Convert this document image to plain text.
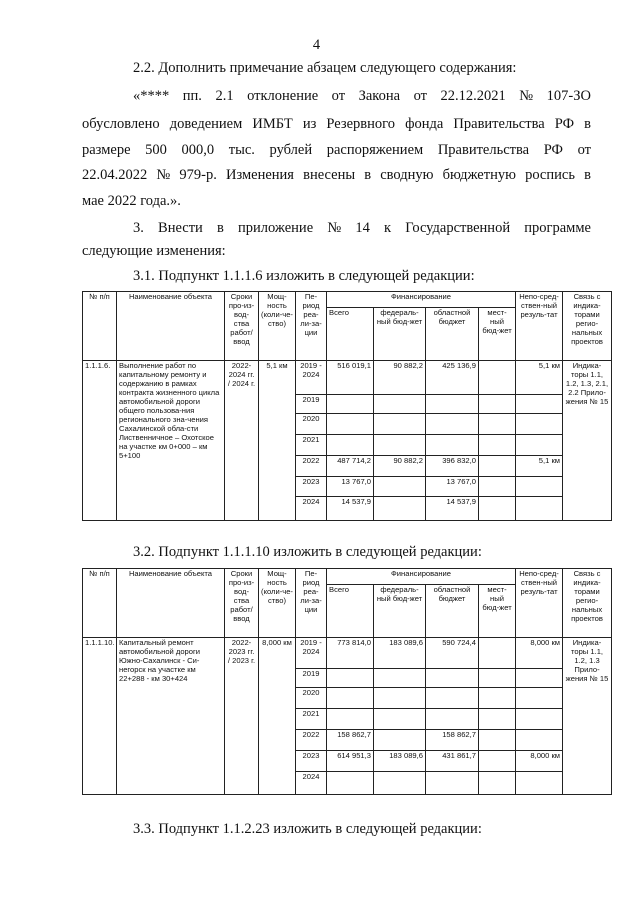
4
2.2. Дополнить примечание абзацем следующего содержания:
«**** пп. 2.1 отклонение от Закона от 22.12.2021 № 107-ЗО
обусловлено доведением ИМБТ из Резервного фонда Правительства РФ в
размере 500 000,0 тыс. рублей распоряжением Правительства РФ от
22.04.2022 № 979-р. Изменения внесены в сводную бюджетную роспись в
мае 2022 года.».
3. Внести в приложение № 14 к Государственной программе
следующие изменения:
3.1. Подпункт 1.1.1.6 изложить в следующей редакции:
№ п/п	Наименование объекта	Сроки про-из-вод-ства работ/ввод	Мощ-ность (коли-че-ство)	Пе-риод реа-ли-за-ции	Финансирование				Непо-сред-ствен-ный резуль-тат	Связь с индика-торами регио-нальных проектов
					Всего	федераль-ный бюд-жет	областной бюджет	мест-ный бюд-жет		
1.1.1.6.	Выполнение работ по капитальному ремонту и содержанию в рамках контракта жизненного цикла автомобильной дороги общего пользова-ния регионального зна-чения Сахалинской обла-сти Лиственничное – Охотское на участке км 0+000 – км 5+100	2022-2024 гг. / 2024 г.	5,1 км	2019 - 2024	516 019,1	90 882,2	425 136,9		5,1 км	Индика-торы 1.1, 1.2, 1.3, 2.1, 2.2 Прило-жения № 15
				2019						
				2020						
				2021						
				2022	487 714,2	90 882,2	396 832,0		5,1 км	
				2023	13 767,0		13 767,0			
				2024	14 537,9		14 537,9			
3.2. Подпункт 1.1.1.10 изложить в следующей редакции:
№ п/п	Наименование объекта	Сроки про-из-вод-ства работ/ввод	Мощ-ность (коли-че-ство)	Пе-риод реа-ли-за-ции	Финансирование				Непо-сред-ствен-ный резуль-тат	Связь с индика-торами регио-нальных проектов
					Всего	федераль-ный бюд-жет	областной бюджет	мест-ный бюд-жет		
1.1.1.10.	Капитальный ремонт автомобильной дороги Южно-Сахалинск - Си-негорск на участке км 22+288 - км 30+424	2022-2023 гг. / 2023 г.	8,000 км	2019 - 2024	773 814,0	183 089,6	590 724,4		8,000 км	Индика-торы 1.1, 1.2, 1.3 Прило-жения № 15
				2019						
				2020						
				2021						
				2022	158 862,7		158 862,7			
				2023	614 951,3	183 089,6	431 861,7		8,000 км	
				2024						
3.3. Подпункт 1.1.2.23 изложить в следующей редакции:
